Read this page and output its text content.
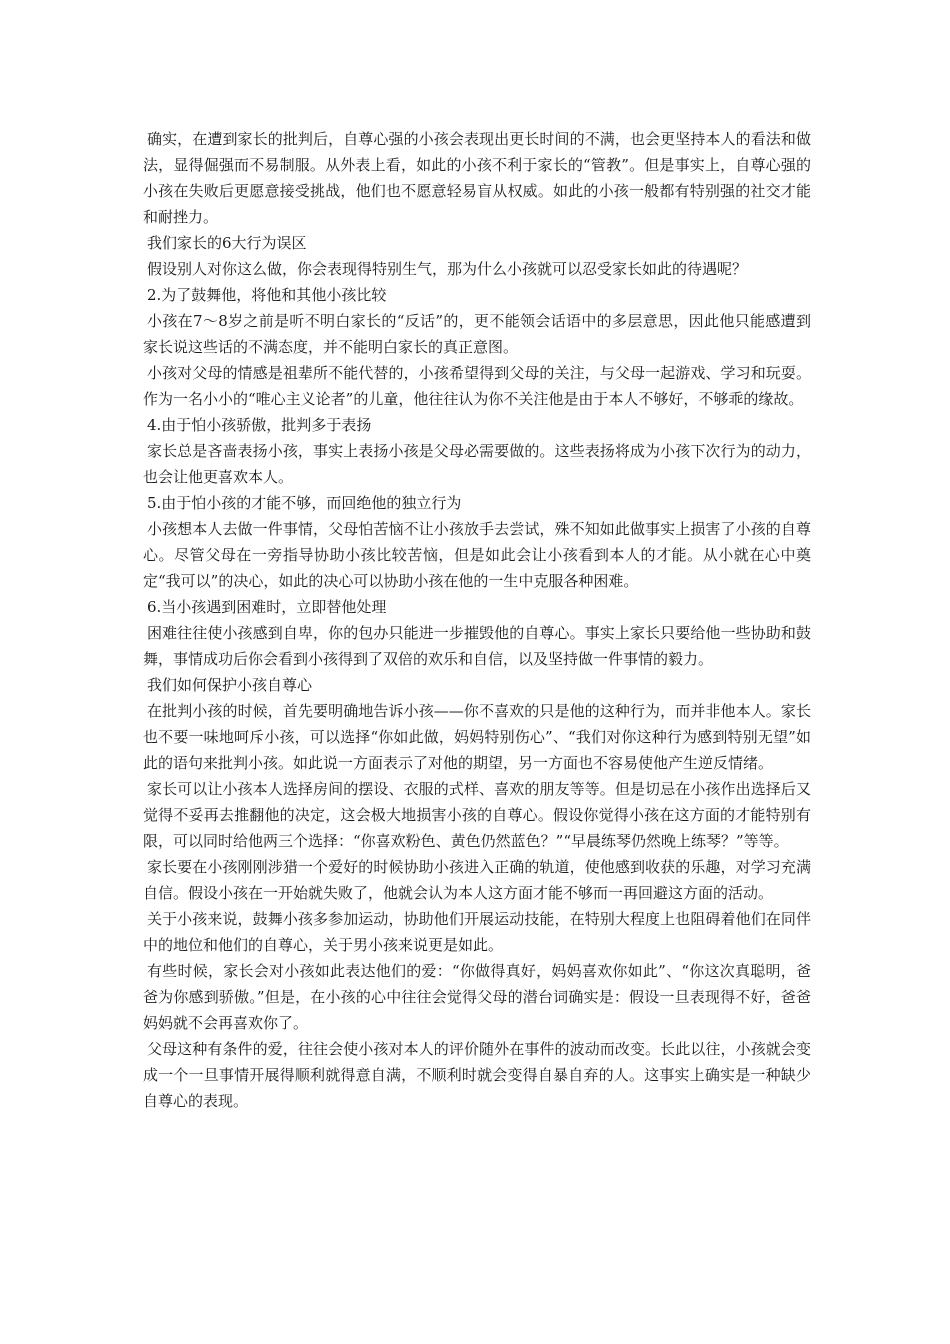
确实，在遭到家长的批判后，自尊心强的小孩会表现出更长时间的不满，也会更坚持本人的看法和做法，显得倔强而不易制服。从外表上看，如此的小孩不利于家长的“管教”。但是事实上，自尊心强的小孩在失败后更愿意接受挑战，他们也不愿意轻易盲从权威。如此的小孩一般都有特别强的社交才能和耐挫力。

我们家长的6大行为误区

假设别人对你这么做，你会表现得特别生气，那为什么小孩就可以忍受家长如此的待遇呢？

2.为了鼓舞他，将他和其他小孩比较

小孩在7～8岁之前是听不明白家长的“反话”的，更不能领会话语中的多层意思，因此他只能感遭到家长说这些话的不满态度，并不能明白家长的真正意图。

小孩对父母的情感是祖辈所不能代替的，小孩希望得到父母的关注，与父母一起游戏、学习和玩耍。作为一名小小的“唯心主义论者”的儿童，他往往认为你不关注他是由于本人不够好，不够乖的缘故。

4.由于怕小孩骄傲，批判多于表扬

家长总是吝啬表扬小孩，事实上表扬小孩是父母必需要做的。这些表扬将成为小孩下次行为的动力，也会让他更喜欢本人。

5.由于怕小孩的才能不够，而回绝他的独立行为

小孩想本人去做一件事情，父母怕苦恼不让小孩放手去尝试，殊不知如此做事实上损害了小孩的自尊心。尽管父母在一旁指导协助小孩比较苦恼，但是如此会让小孩看到本人的才能。从小就在心中奠定“我可以”的决心，如此的决心可以协助小孩在他的一生中克服各种困难。

6.当小孩遇到困难时，立即替他处理

困难往往使小孩感到自卑，你的包办只能进一步摧毁他的自尊心。事实上家长只要给他一些协助和鼓舞，事情成功后你会看到小孩得到了双倍的欢乐和自信，以及坚持做一件事情的毅力。

我们如何保护小孩自尊心

在批判小孩的时候，首先要明确地告诉小孩——你不喜欢的只是他的这种行为，而并非他本人。家长也不要一味地呵斥小孩，可以选择“你如此做，妈妈特别伤心”、“我们对你这种行为感到特别无望”如此的语句来批判小孩。如此说一方面表示了对他的期望，另一方面也不容易使他产生逆反情绪。

家长可以让小孩本人选择房间的摆设、衣服的式样、喜欢的朋友等等。但是切忌在小孩作出选择后又觉得不妥再去推翻他的决定，这会极大地损害小孩的自尊心。假设你觉得小孩在这方面的才能特别有限，可以同时给他两三个选择：“你喜欢粉色、黄色仍然蓝色？”“早晨练琴仍然晚上练琴？”等等。

家长要在小孩刚刚涉猎一个爱好的时候协助小孩进入正确的轨道，使他感到收获的乐趣，对学习充满自信。假设小孩在一开始就失败了，他就会认为本人这方面才能不够而一再回避这方面的活动。

关于小孩来说，鼓舞小孩多参加运动，协助他们开展运动技能，在特别大程度上也阻碍着他们在同伴中的地位和他们的自尊心，关于男小孩来说更是如此。

有些时候，家长会对小孩如此表达他们的爱：“你做得真好，妈妈喜欢你如此”、“你这次真聪明，爸爸为你感到骄傲。”但是，在小孩的心中往往会觉得父母的潜台词确实是：假设一旦表现得不好，爸爸妈妈就不会再喜欢你了。

父母这种有条件的爱，往往会使小孩对本人的评价随外在事件的波动而改变。长此以往，小孩就会变成一个一旦事情开展得顺利就得意自满，不顺利时就会变得自暴自弃的人。这事实上确实是一种缺少自尊心的表现。
